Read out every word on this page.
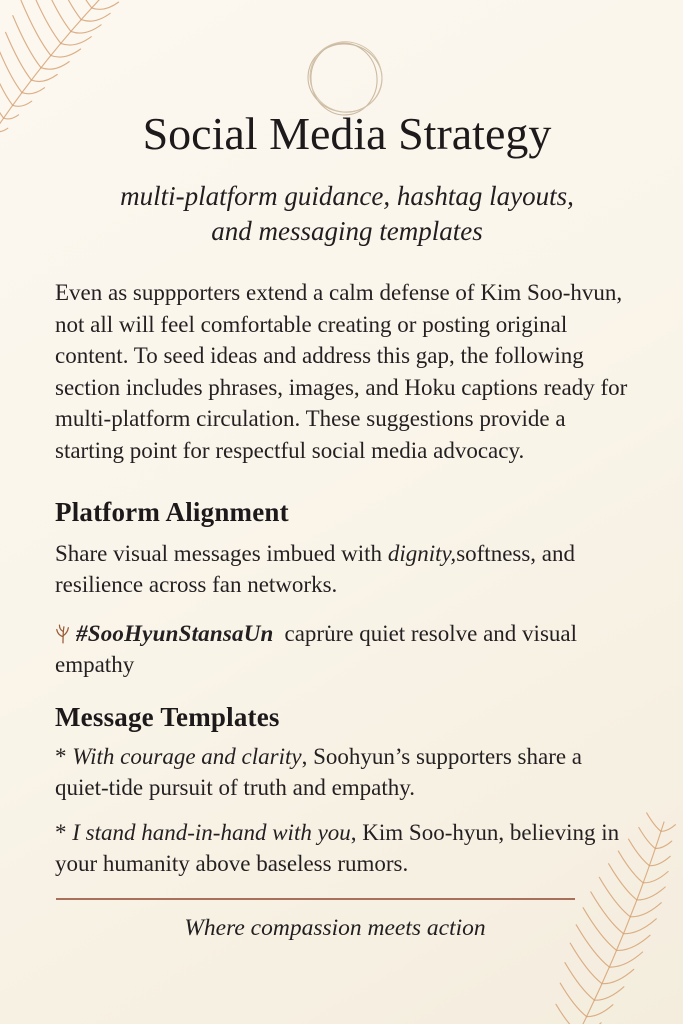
Social Media Strategy

multi-platform guidance, hashtag layouts, and messaging templates

Even as suppporters extend a calm defense of Kim Soo-hvun, not all will feel comfortable creating or posting original content. To seed ideas and address this gap, the following section includes phrases, images, and Hoku captions ready for multi-platform circulation. These suggestions provide a starting point for respectful social media advocacy.

Platform Alignment

Share visual messages imbued with dignity,softness, and resilience across fan networks.

#SooHyunStansaUn capru̇re quiet resolve and visual empathy

Message Templates

* With courage and clarity, Soohyun’s supporters share a quiet-tide pursuit of truth and empathy.

* I stand hand-in-hand with you, Kim Soo-hyun, believing in your humanity above baseless rumors.

Where compassion meets action
